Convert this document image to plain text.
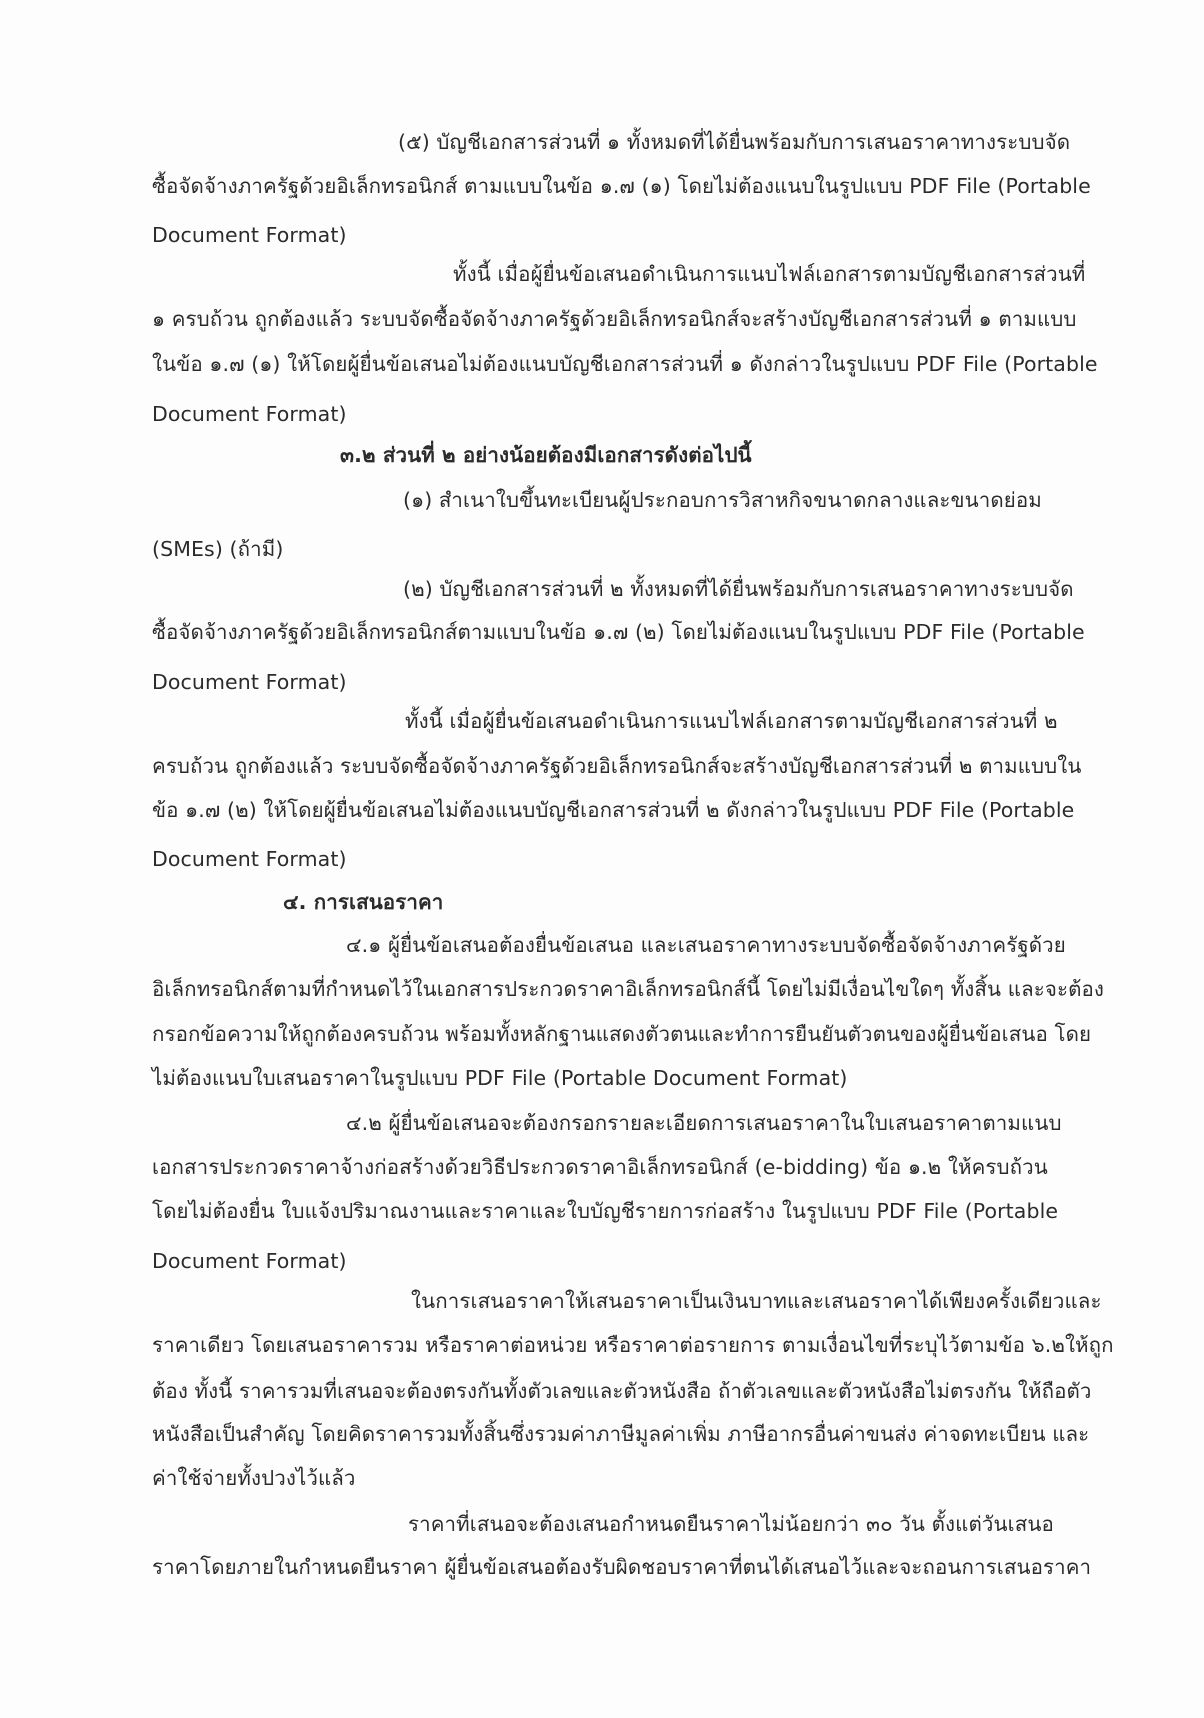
(๕) บัญชีเอกสารส่วนที่ ๑ ทั้งหมดที่ได้ยื่นพร้อมกับการเสนอราคาทางระบบจัด
ซื้อจัดจ้างภาครัฐด้วยอิเล็กทรอนิกส์ ตามแบบในข้อ ๑.๗ (๑) โดยไม่ต้องแนบในรูปแบบ PDF File (Portable
Document Format)
ทั้งนี้ เมื่อผู้ยื่นข้อเสนอดำเนินการแนบไฟล์เอกสารตามบัญชีเอกสารส่วนที่
๑ ครบถ้วน ถูกต้องแล้ว ระบบจัดซื้อจัดจ้างภาครัฐด้วยอิเล็กทรอนิกส์จะสร้างบัญชีเอกสารส่วนที่ ๑ ตามแบบ
ในข้อ ๑.๗ (๑) ให้โดยผู้ยื่นข้อเสนอไม่ต้องแนบบัญชีเอกสารส่วนที่ ๑ ดังกล่าวในรูปแบบ PDF File (Portable
Document Format)
๓.๒ ส่วนที่ ๒ อย่างน้อยต้องมีเอกสารดังต่อไปนี้
(๑) สำเนาใบขึ้นทะเบียนผู้ประกอบการวิสาหกิจขนาดกลางและขนาดย่อม
(SMEs) (ถ้ามี)
(๒) บัญชีเอกสารส่วนที่ ๒ ทั้งหมดที่ได้ยื่นพร้อมกับการเสนอราคาทางระบบจัด
ซื้อจัดจ้างภาครัฐด้วยอิเล็กทรอนิกส์ตามแบบในข้อ ๑.๗ (๒) โดยไม่ต้องแนบในรูปแบบ PDF File (Portable
Document Format)
ทั้งนี้ เมื่อผู้ยื่นข้อเสนอดำเนินการแนบไฟล์เอกสารตามบัญชีเอกสารส่วนที่ ๒
ครบถ้วน ถูกต้องแล้ว ระบบจัดซื้อจัดจ้างภาครัฐด้วยอิเล็กทรอนิกส์จะสร้างบัญชีเอกสารส่วนที่ ๒ ตามแบบใน
ข้อ ๑.๗ (๒) ให้โดยผู้ยื่นข้อเสนอไม่ต้องแนบบัญชีเอกสารส่วนที่ ๒ ดังกล่าวในรูปแบบ PDF File (Portable
Document Format)
๔. การเสนอราคา
๔.๑ ผู้ยื่นข้อเสนอต้องยื่นข้อเสนอ และเสนอราคาทางระบบจัดซื้อจัดจ้างภาครัฐด้วย
อิเล็กทรอนิกส์ตามที่กำหนดไว้ในเอกสารประกวดราคาอิเล็กทรอนิกส์นี้ โดยไม่มีเงื่อนไขใดๆ ทั้งสิ้น และจะต้อง
กรอกข้อความให้ถูกต้องครบถ้วน พร้อมทั้งหลักฐานแสดงตัวตนและทำการยืนยันตัวตนของผู้ยื่นข้อเสนอ โดย
ไม่ต้องแนบใบเสนอราคาในรูปแบบ PDF File (Portable Document Format)
๔.๒ ผู้ยื่นข้อเสนอจะต้องกรอกรายละเอียดการเสนอราคาในใบเสนอราคาตามแนบ
เอกสารประกวดราคาจ้างก่อสร้างด้วยวิธีประกวดราคาอิเล็กทรอนิกส์ (e-bidding) ข้อ ๑.๒ ให้ครบถ้วน
โดยไม่ต้องยื่น ใบแจ้งปริมาณงานและราคาและใบบัญชีรายการก่อสร้าง ในรูปแบบ PDF File (Portable
Document Format)
ในการเสนอราคาให้เสนอราคาเป็นเงินบาทและเสนอราคาได้เพียงครั้งเดียวและ
ราคาเดียว โดยเสนอราคารวม หรือราคาต่อหน่วย หรือราคาต่อรายการ ตามเงื่อนไขที่ระบุไว้ตามข้อ ๖.๒ให้ถูก
ต้อง ทั้งนี้ ราคารวมที่เสนอจะต้องตรงกันทั้งตัวเลขและตัวหนังสือ ถ้าตัวเลขและตัวหนังสือไม่ตรงกัน ให้ถือตัว
หนังสือเป็นสำคัญ โดยคิดราคารวมทั้งสิ้นซึ่งรวมค่าภาษีมูลค่าเพิ่ม ภาษีอากรอื่นค่าขนส่ง ค่าจดทะเบียน และ
ค่าใช้จ่ายทั้งปวงไว้แล้ว
ราคาที่เสนอจะต้องเสนอกำหนดยืนราคาไม่น้อยกว่า ๓๐ วัน ตั้งแต่วันเสนอ
ราคาโดยภายในกำหนดยืนราคา ผู้ยื่นข้อเสนอต้องรับผิดชอบราคาที่ตนได้เสนอไว้และจะถอนการเสนอราคา
